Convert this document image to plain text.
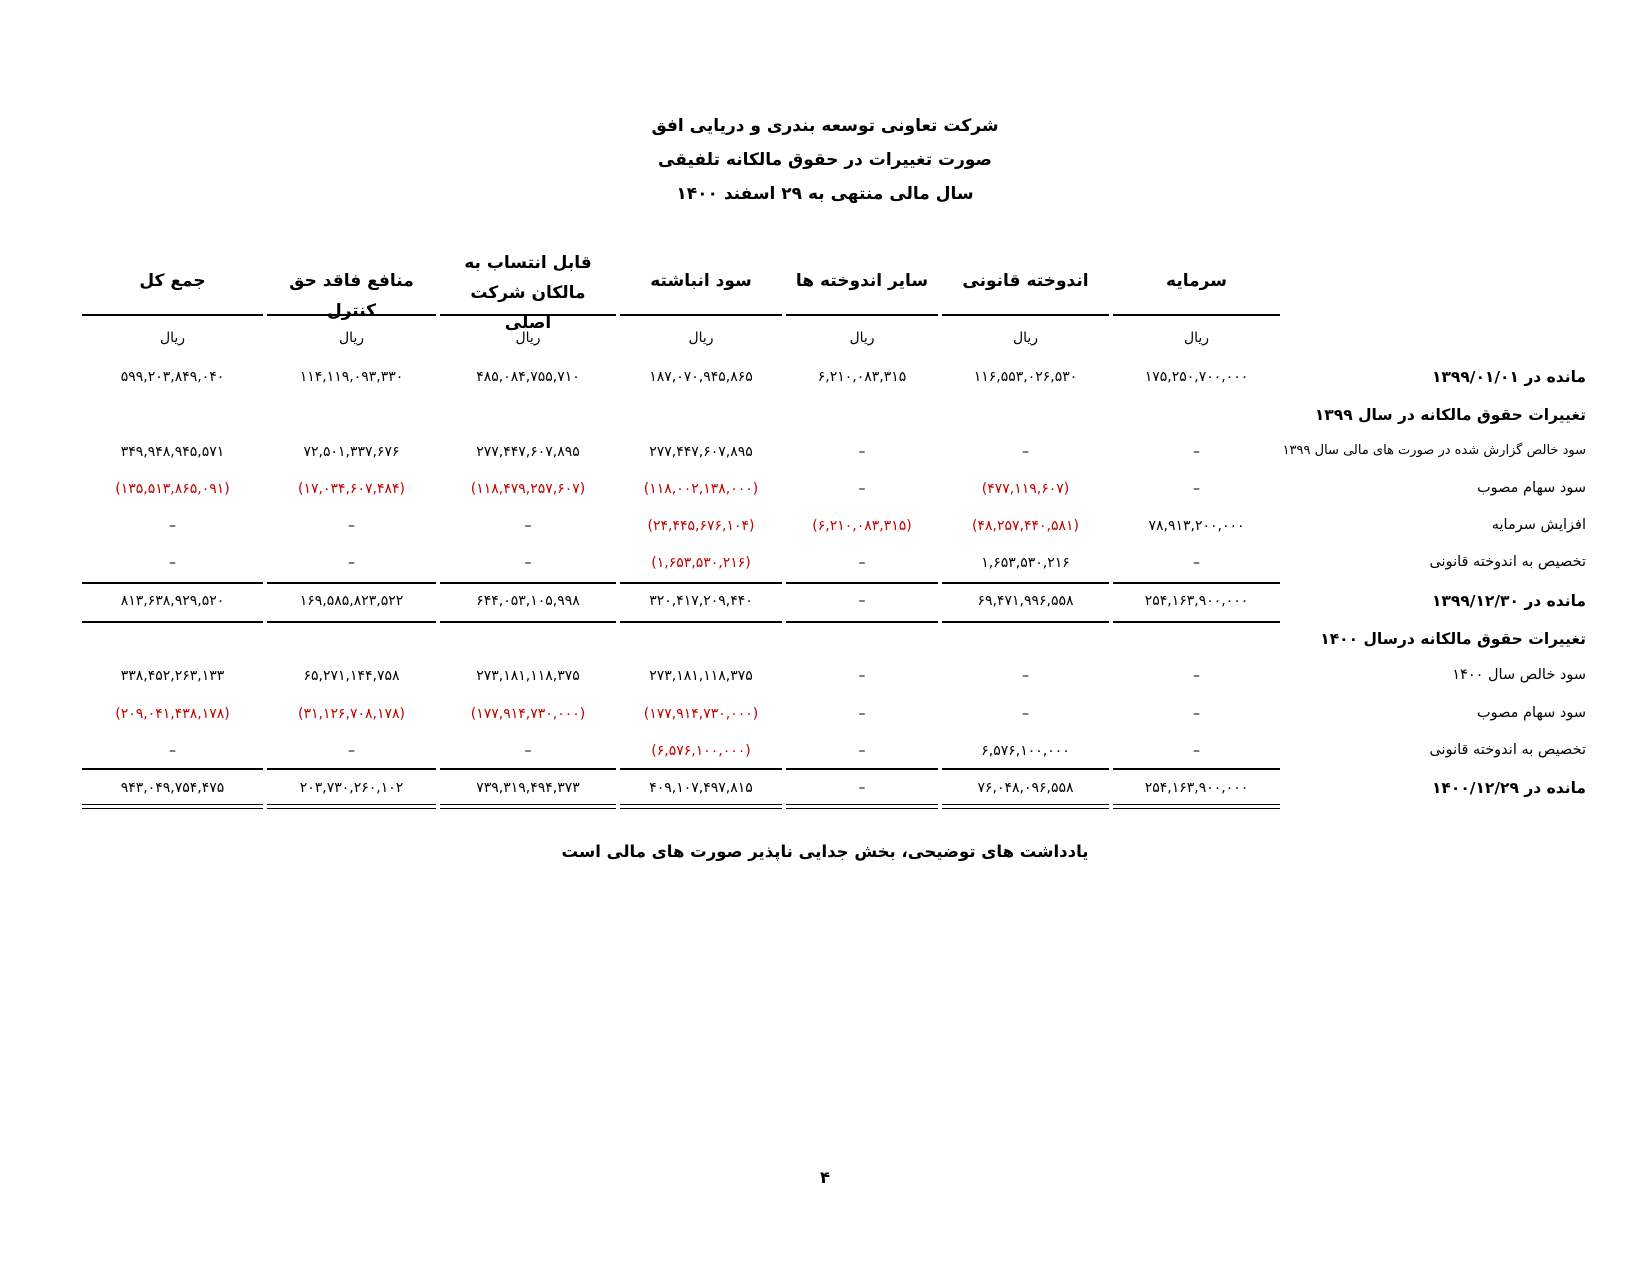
شرکت تعاونی توسعه بندری و دریایی افق
صورت تغییرات در حقوق مالکانه تلفیقی
سال مالی منتهی به ۲۹ اسفند ۱۴۰۰
سرمایه
ریال
اندوخته قانونی
ریال
سایر اندوخته ها
ریال
سود انباشته
ریال
قابل انتساب به مالکان شرکت اصلی
ریال
منافع فاقد حق کنترل
ریال
جمع کل
ریال
مانده در ۱۳۹۹/۰۱/۰۱
۱۷۵,۲۵۰,۷۰۰,۰۰۰
۱۱۶,۵۵۳,۰۲۶,۵۳۰
۶,۲۱۰,۰۸۳,۳۱۵
۱۸۷,۰۷۰,۹۴۵,۸۶۵
۴۸۵,۰۸۴,۷۵۵,۷۱۰
۱۱۴,۱۱۹,۰۹۳,۳۳۰
۵۹۹,۲۰۳,۸۴۹,۰۴۰
تغییرات حقوق مالکانه در سال ۱۳۹۹
سود خالص گزارش شده در صورت های مالی سال ۱۳۹۹
–
–
–
۲۷۷,۴۴۷,۶۰۷,۸۹۵
۲۷۷,۴۴۷,۶۰۷,۸۹۵
۷۲,۵۰۱,۳۳۷,۶۷۶
۳۴۹,۹۴۸,۹۴۵,۵۷۱
سود سهام مصوب
–
(۴۷۷,۱۱۹,۶۰۷)
–
(۱۱۸,۰۰۲,۱۳۸,۰۰۰)
(۱۱۸,۴۷۹,۲۵۷,۶۰۷)
(۱۷,۰۳۴,۶۰۷,۴۸۴)
(۱۳۵,۵۱۳,۸۶۵,۰۹۱)
افزایش سرمایه
۷۸,۹۱۳,۲۰۰,۰۰۰
(۴۸,۲۵۷,۴۴۰,۵۸۱)
(۶,۲۱۰,۰۸۳,۳۱۵)
(۲۴,۴۴۵,۶۷۶,۱۰۴)
–
–
–
تخصیص به اندوخته قانونی
–
۱,۶۵۳,۵۳۰,۲۱۶
–
(۱,۶۵۳,۵۳۰,۲۱۶)
–
–
–
مانده در ۱۳۹۹/۱۲/۳۰
۲۵۴,۱۶۳,۹۰۰,۰۰۰
۶۹,۴۷۱,۹۹۶,۵۵۸
–
۳۲۰,۴۱۷,۲۰۹,۴۴۰
۶۴۴,۰۵۳,۱۰۵,۹۹۸
۱۶۹,۵۸۵,۸۲۳,۵۲۲
۸۱۳,۶۳۸,۹۲۹,۵۲۰
تغییرات حقوق مالکانه درسال ۱۴۰۰
سود خالص سال ۱۴۰۰
–
–
–
۲۷۳,۱۸۱,۱۱۸,۳۷۵
۲۷۳,۱۸۱,۱۱۸,۳۷۵
۶۵,۲۷۱,۱۴۴,۷۵۸
۳۳۸,۴۵۲,۲۶۳,۱۳۳
سود سهام مصوب
–
–
–
(۱۷۷,۹۱۴,۷۳۰,۰۰۰)
(۱۷۷,۹۱۴,۷۳۰,۰۰۰)
(۳۱,۱۲۶,۷۰۸,۱۷۸)
(۲۰۹,۰۴۱,۴۳۸,۱۷۸)
تخصیص به اندوخته قانونی
–
۶,۵۷۶,۱۰۰,۰۰۰
–
(۶,۵۷۶,۱۰۰,۰۰۰)
–
–
–
مانده در ۱۴۰۰/۱۲/۲۹
۲۵۴,۱۶۳,۹۰۰,۰۰۰
۷۶,۰۴۸,۰۹۶,۵۵۸
–
۴۰۹,۱۰۷,۴۹۷,۸۱۵
۷۳۹,۳۱۹,۴۹۴,۳۷۳
۲۰۳,۷۳۰,۲۶۰,۱۰۲
۹۴۳,۰۴۹,۷۵۴,۴۷۵
یادداشت های توضیحی، بخش جدایی ناپذیر صورت های مالی است
۴
